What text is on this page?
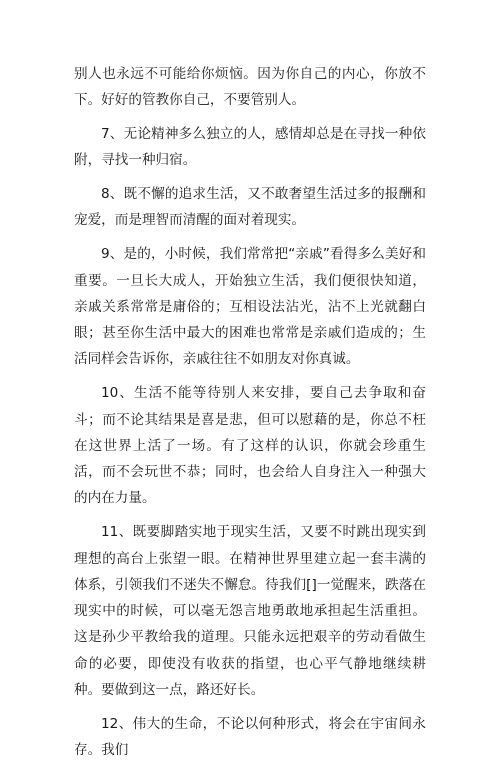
别人也永远不可能给你烦恼。因为你自己的内心，你放不下。好好的管教你自己，不要管别人。

7、无论精神多么独立的人，感情却总是在寻找一种依附，寻找一种归宿。

8、既不懈的追求生活，又不敢奢望生活过多的报酬和宠爱，而是理智而清醒的面对着现实。

9、是的，小时候，我们常常把“亲戚”看得多么美好和重要。一旦长大成人，开始独立生活，我们便很快知道，亲戚关系常常是庸俗的；互相设法沾光，沾不上光就翻白眼；甚至你生活中最大的困难也常常是亲戚们造成的；生活同样会告诉你，亲戚往往不如朋友对你真诚。

10、生活不能等待别人来安排，要自己去争取和奋斗；而不论其结果是喜是悲，但可以慰藉的是，你总不枉在这世界上活了一场。有了这样的认识，你就会珍重生活，而不会玩世不恭；同时，也会给人自身注入一种强大的内在力量。

11、既要脚踏实地于现实生活，又要不时跳出现实到理想的高台上张望一眼。在精神世界里建立起一套丰满的体系，引领我们不迷失不懈怠。待我们[]一觉醒来，跌落在现实中的时候，可以毫无怨言地勇敢地承担起生活重担。这是孙少平教给我的道理。只能永远把艰辛的劳动看做生命的必要，即使没有收获的指望，也心平气静地继续耕种。要做到这一点，路还好长。

12、伟大的生命，不论以何种形式，将会在宇宙间永存。我们
